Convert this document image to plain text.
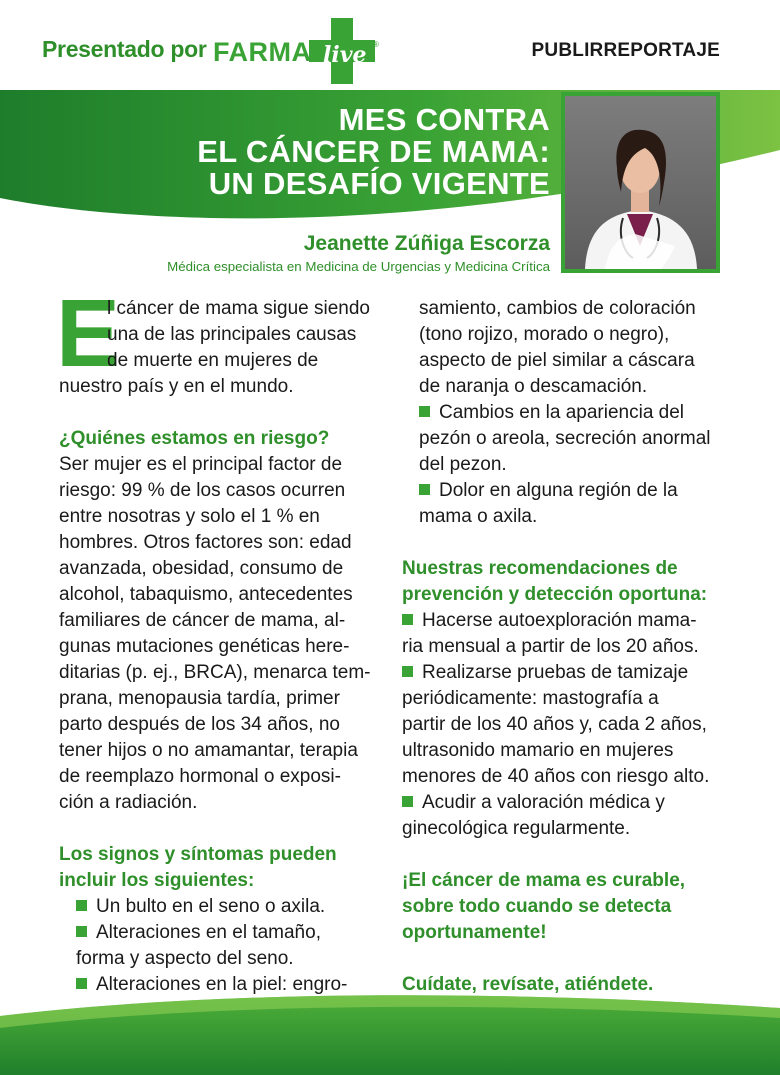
Presentado por FARMA live ®	PUBLIRREPORTAJE
MES CONTRA
EL CÁNCER DE MAMA:
UN DESAFÍO VIGENTE
Jeanette Zúñiga Escorza
Médica especialista en Medicina de Urgencias y Medicina Crítica
E
l cáncer de mama sigue siendo
una de las principales causas
de muerte en mujeres de
nuestro país y en el mundo.
¿Quiénes estamos en riesgo?
Ser mujer es el principal factor de
riesgo: 99 % de los casos ocurren
entre nosotras y solo el 1 % en
hombres. Otros factores son: edad
avanzada, obesidad, consumo de
alcohol, tabaquismo, antecedentes
familiares de cáncer de mama, al-
gunas mutaciones genéticas here-
ditarias (p. ej., BRCA), menarca tem-
prana, menopausia tardía, primer
parto después de los 34 años, no
tener hijos o no amamantar, terapia
de reemplazo hormonal o exposi-
ción a radiación.
Los signos y síntomas pueden
incluir los siguientes:
Un bulto en el seno o axila.
Alteraciones en el tamaño,
forma y aspecto del seno.
Alteraciones en la piel: engro-
samiento, cambios de coloración
(tono rojizo, morado o negro),
aspecto de piel similar a cáscara
de naranja o descamación.
Cambios en la apariencia del
pezón o areola, secreción anormal
del pezon.
Dolor en alguna región de la
mama o axila.
Nuestras recomendaciones de
prevención y detección oportuna:
Hacerse autoexploración mama-
ria mensual a partir de los 20 años.
Realizarse pruebas de tamizaje
periódicamente: mastografía a
partir de los 40 años y, cada 2 años,
ultrasonido mamario en mujeres
menores de 40 años con riesgo alto.
Acudir a valoración médica y
ginecológica regularmente.
¡El cáncer de mama es curable,
sobre todo cuando se detecta
oportunamente!
Cuídate, revísate, atiéndete.
